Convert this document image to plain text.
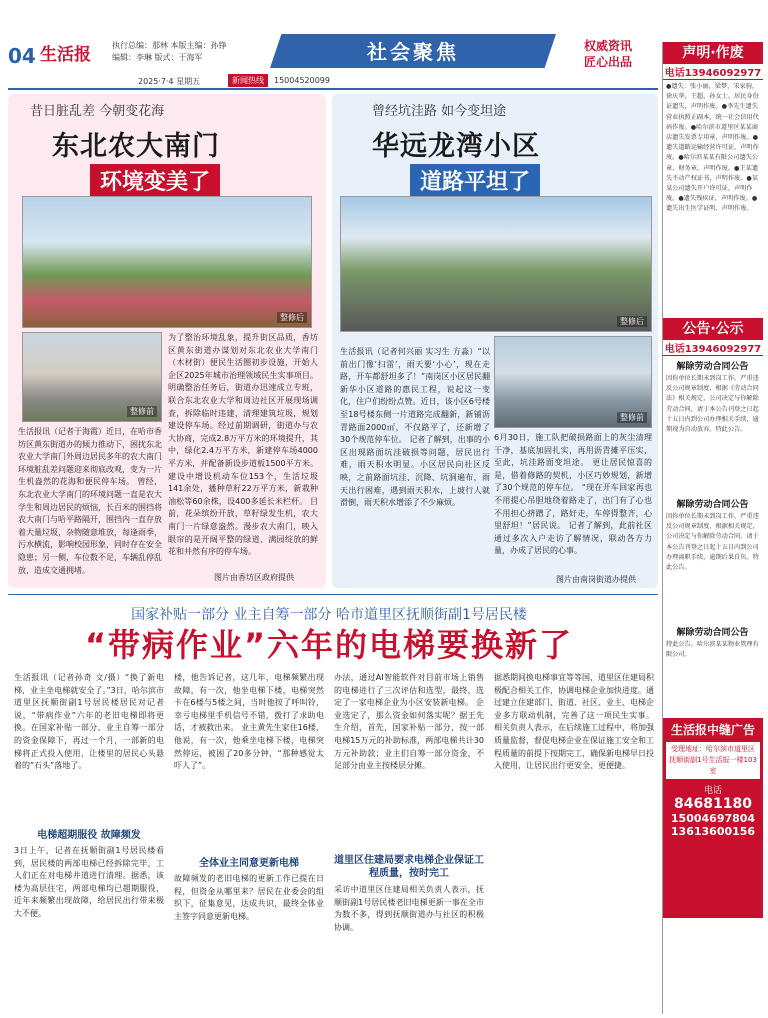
04 生活报	执行总编：那林 本版主编：孙铮
编辑：李琳 版式：于海军	社会聚焦	权威资讯
匠心出品
2025·7·4 星期五	新闻热线	15004520099
昔日脏乱差 今朝变花海
东北农大南门
环境变美了
整修后
整修前
生活报讯（记者于海霞）近日，在哈市香坊区黄东街道办的倾力推动下，困扰东北农业大学南门外周边居民多年的农大南门环境脏乱差问题迎来彻底改观，变为一片生机盎然的花海和便民停车场。 曾经，东北农业大学南门的环境问题一直是农大学生和周边居民的烦恼，长百米的围挡将农大南门与哈平路隔开，围挡内一直存放着大量垃圾，杂物随意堆放，每逢雨季，污水横流，影响校园形象，同时存在安全隐患；另一侧，车位数不足，车辆乱停乱放，造成交通拥堵。
为了整治环境乱象，提升街区品质，香坊区黄东街道办谋划对东北农业大学南门（木材街）便民生活圈初步设施，开始人企区2025年城市治理领域民生实事项目。明确整治任务后，街道办迅速成立专班，联合东北农业大学和周边社区开展现场调查，拆除临时违建，清理建筑垃圾，规划建设停车场。经过前期调研，街道办与农大协商，完成2.8万平方米的环境提升，其中，绿化2.4万平方米，新建停车场4000平方米，并配备新设步道板1500平方米。 建设中增设机动车位153个，生活垃圾141余处，播种草籽22万平方米，新栽种油松等60余株，设400多延长米栏杆。 目前，花朵缤纷开放，草籽绿发生机，农大南门一片绿意盎然。漫步农大南门，映入眼帘的是开阔平整的绿道、满园绽放的鲜花和井然有序的停车场。
图片由香坊区政府提供
曾经坑洼路 如今变坦途
华远龙湾小区
道路平坦了
整修后
整修前
生活报讯（记者何兴丽 实习生 方淼）“以前出门像‘扫雷’，雨天要‘小心’，现在走路，开车都舒坦多了！”南岗区小区居民翻新华小区道路的惠民工程，说起这一变化，住户们纷纷点赞。近日，该小区6号楼至18号楼东侧一片道路完成翻新，新铺沥青路面2000㎡，不仅路平了，还新增了30个规范停车位。 记者了解到，出事的小区出现路面坑洼破损等问题，居民出行难，雨天积水明显。小区居民向社区反映，之前路面坑洼、沉降、坑洞遍布，雨天出行困难，遇到雨天积水，上坡行人就滑倒，雨天积水增添了不少麻烦。
6月30日，施工队把破损路面上的灰尘清理干净，基底加固扎实，再用沥青摊平压实，至此，坑洼路面变坦途。 更让居民惊喜的是，借着修路的契机，小区巧妙规划，新增了30个规范的停车位。 “现在开车回家再也不用提心吊胆地绕着路走了，出门有了心也不用担心挤蹭了，路好走，车停得整齐，心里舒坦！”居民说。 记者了解到，此前社区通过多次入户走访了解情况，联动各方力量，办成了居民的心事。
图片由南岗街道办提供
国家补贴一部分 业主自筹一部分 哈市道里区抚顺街副1号居民楼
“带病作业”六年的电梯要换新了
生活报讯（记者孙奇 文/摄）“换了新电梯，业主坐电梯就安全了。”3日，哈尔滨市道里区抚顺街副1号居民楼居民对记者说，“带病作业”六年的老旧电梯即将更换。在国家补贴一部分、业主自筹一部分的资金保障下，再过一个月，一部新的电梯将正式投入使用，让楼里的居民心头悬着的“石头”落地了。
电梯超期服役 故障频发
3日上午，记者在抚顺街副1号居民楼看到，居民楼的两部电梯已经拆除完毕，工人们正在对电梯井道进行清理。据悉，该楼为高层住宅，两部电梯均已超期服役，近年来频繁出现故障，给居民出行带来极大不便。
楼，他告诉记者，这几年，电梯频繁出现故障，有一次，他坐电梯下楼，电梯突然卡在6楼与5楼之间，当时他按了呼叫铃，幸亏电梯里手机信号不错，拨打了求助电话，才被救出来。 业主黄先生家住16楼，他说，有一次，他乘坐电梯下楼，电梯突然停运，被困了20多分钟，“那种感觉太吓人了”。
全体业主同意更新电梯
故障频发的老旧电梯的更新工作已提在日程，但资金从哪里来？居民在业委会的组织下，征集意见，达成共识，最终全体业主签字同意更新电梯。
办法，通过AI智能软件对目前市场上销售的电梯进行了三次评估和选型，最终，选定了一家电梯企业为小区安装新电梯。 企业选定了，那么资金如何落实呢？据王先生介绍，首先，国家补贴一部分，按一部电梯15万元的补助标准，两部电梯共计30万元补助款；业主们自筹一部分资金，不足部分由业主按楼层分摊。
道里区住建局要求电梯企业保证工程质量，按时完工
采访中道里区住建局相关负责人表示，抚顺街副1号居民楼老旧电梯更新一事在全市为数不多，得到抚顺街道办与社区的积极协调。
据悉期间换电梯事宜等等国，道里区住建局积极配合相关工作，协调电梯企业加快进度。通过建立住建部门、街道、社区、业主、电梯企业多方联动机制，完善了这一项民生实事。 相关负责人表示，在后续施工过程中，将加强质量监督，督促电梯企业在保证施工安全和工程质量的前提下按期完工，确保新电梯早日投入使用，让居民出行更安全、更便捷。
声明·作废
电话13946092977
●遗失：张小丽，梁梦，宋家驹，徐庆华，王超，孙女士。居民身份证遗失，声明作废。●李先生遗失营业执照正副本，统一社会信用代码作废。●哈尔滨市道里区某某商店遗失发票专用章，声明作废。●遗失道路运输经营许可证，声明作废。●哈尔滨某某有限公司遗失公章、财务章，声明作废。●王某遗失不动产权证书，声明作废。●某某公司遗失开户许可证，声明作废。●遗失残疾证，声明作废。●遗失出生医学证明，声明作废。
公告·公示
电话13946092977
解除劳动合同公告
因你单位长期未到岗工作，严重违反公司规章制度，根据《劳动合同法》相关规定，公司决定与你解除劳动合同，请于本公告刊登之日起十五日内到公司办理相关手续，逾期视为自动放弃。特此公告。
解除劳动合同公告
因你单位长期未到岗工作，严重违反公司规章制度，根据相关规定，公司决定与你解除劳动合同。请于本公告刊登之日起十五日内到公司办理离职手续，逾期后果自负。特此公告。
解除劳动合同公告
特此公告。哈尔滨某某物业管理有限公司。
生活报中缝广告
受理地址：哈尔滨市道里区抚顺街副1号生活报一楼103室
电话
84681180
15004697804
13613600156
